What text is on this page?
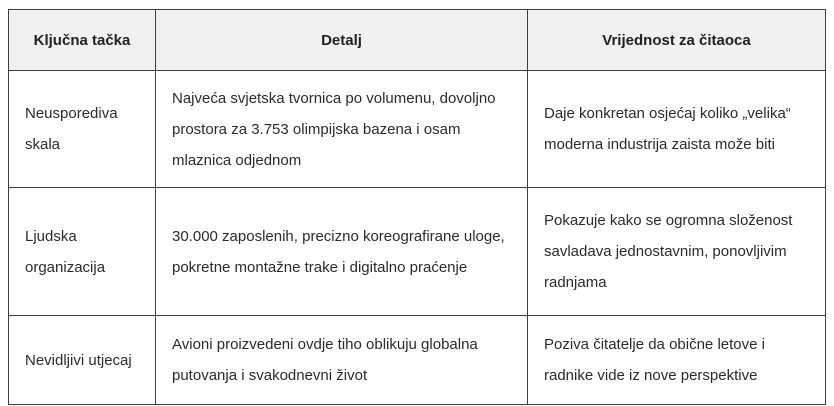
Ključna tačka	Detalj	Vrijednost za čitaoca

Neusporediva skala	Najveća svjetska tvornica po volumenu, dovoljno prostora za 3.753 olimpijska bazena i osam mlaznica odjednom	Daje konkretan osjećaj koliko „velika“ moderna industrija zaista može biti

Ljudska organizacija	30.000 zaposlenih, precizno koreografirane uloge, pokretne montažne trake i digitalno praćenje	Pokazuje kako se ogromna složenost savladava jednostavnim, ponovljivim radnjama

Nevidljivi utjecaj	Avioni proizvedeni ovdje tiho oblikuju globalna putovanja i svakodnevni život	Poziva čitatelje da obične letove i radnike vide iz nove perspektive
